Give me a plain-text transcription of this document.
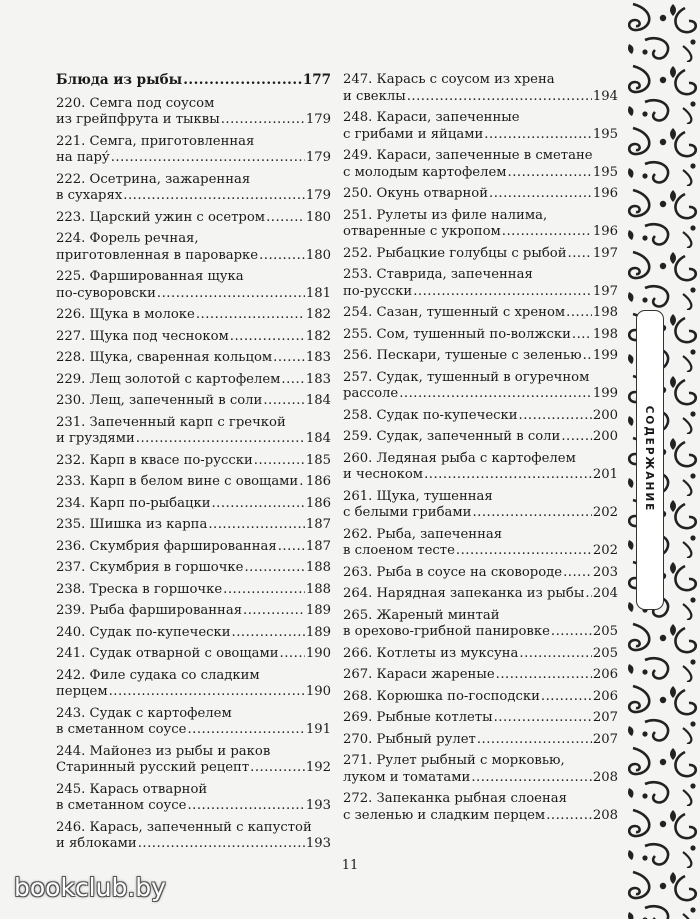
СОДЕРЖАНИЕ
Блюда из рыбы .....	177
220. Семга под соусом
из грейпфрута и тыквы .....	179
221. Семга, приготовленная
на пару́ .....	179
222. Осетрина, зажаренная
в сухарях .....	179
223. Царский ужин с осетром .....	180
224. Форель речная,
приготовленная в пароварке .....	180
225. Фаршированная щука
по-суворовски .....	181
226. Щука в молоке .....	182
227. Щука под чесноком .....	182
228. Щука, сваренная кольцом .....	183
229. Лещ золотой с картофелем ..... 183
230. Лещ, запеченный в соли .....	184
231. Запеченный карп с гречкой
и груздями .....	184
232. Карп в квасе по-русски .....	185
233. Карп в белом вине с овощами ..... 186
234. Карп по-рыбацки .....	186
235. Шишка из карпа .....	187
236. Скумбрия фаршированная ..... 187
237. Скумбрия в горшочке .....	188
238. Треска в горшочке .....	188
239. Рыба фаршированная .....	189
240. Судак по-купечески .....	189
241. Судак отварной с овощами ..... 190
242. Филе судака со сладким
перцем .....	190
243. Судак с картофелем
в сметанном соусе .....	191
244. Майонез из рыбы и раков
Старинный русский рецепт .....	192
245. Карась отварной
в сметанном соусе .....	193
246. Карась, запеченный с капустой
и яблоками .....	193
247. Карась с соусом из хрена
и свеклы .....	194
248. Караси, запеченные
с грибами и яйцами .....	195
249. Караси, запеченные в сметане
с молодым картофелем .....	195
250. Окунь отварной .....	196
251. Рулеты из филе налима,
отваренные с укропом .....	196
252. Рыбацкие голубцы с рыбой ..... 197
253. Ставрида, запеченная
по-русски .....	197
254. Сазан, тушенный с хреном ..... 198
255. Сом, тушенный по-волжски ..... 198
256. Пескари, тушеные с зеленью ..... 199
257. Судак, тушенный в огуречном
рассоле .....	199
258. Судак по-купечески .....	200
259. Судак, запеченный в соли ..... 200
260. Ледяная рыба с картофелем
и чесноком .....	201
261. Щука, тушенная
с белыми грибами .....	202
262. Рыба, запеченная
в слоеном тесте .....	202
263. Рыба в соусе на сковороде ..... 203
264. Нарядная запеканка из рыбы ..... 204
265. Жареный минтай
в орехово-грибной панировке .....	205
266. Котлеты из муксуна .....	205
267. Караси жареные .....	206
268. Корюшка по-господски .....	206
269. Рыбные котлеты .....	207
270. Рыбный рулет .....	207
271. Рулет рыбный с морковью,
луком и томатами .....	208
272. Запеканка рыбная слоеная
с зеленью и сладким перцем .....	208
11
bookclub.by
